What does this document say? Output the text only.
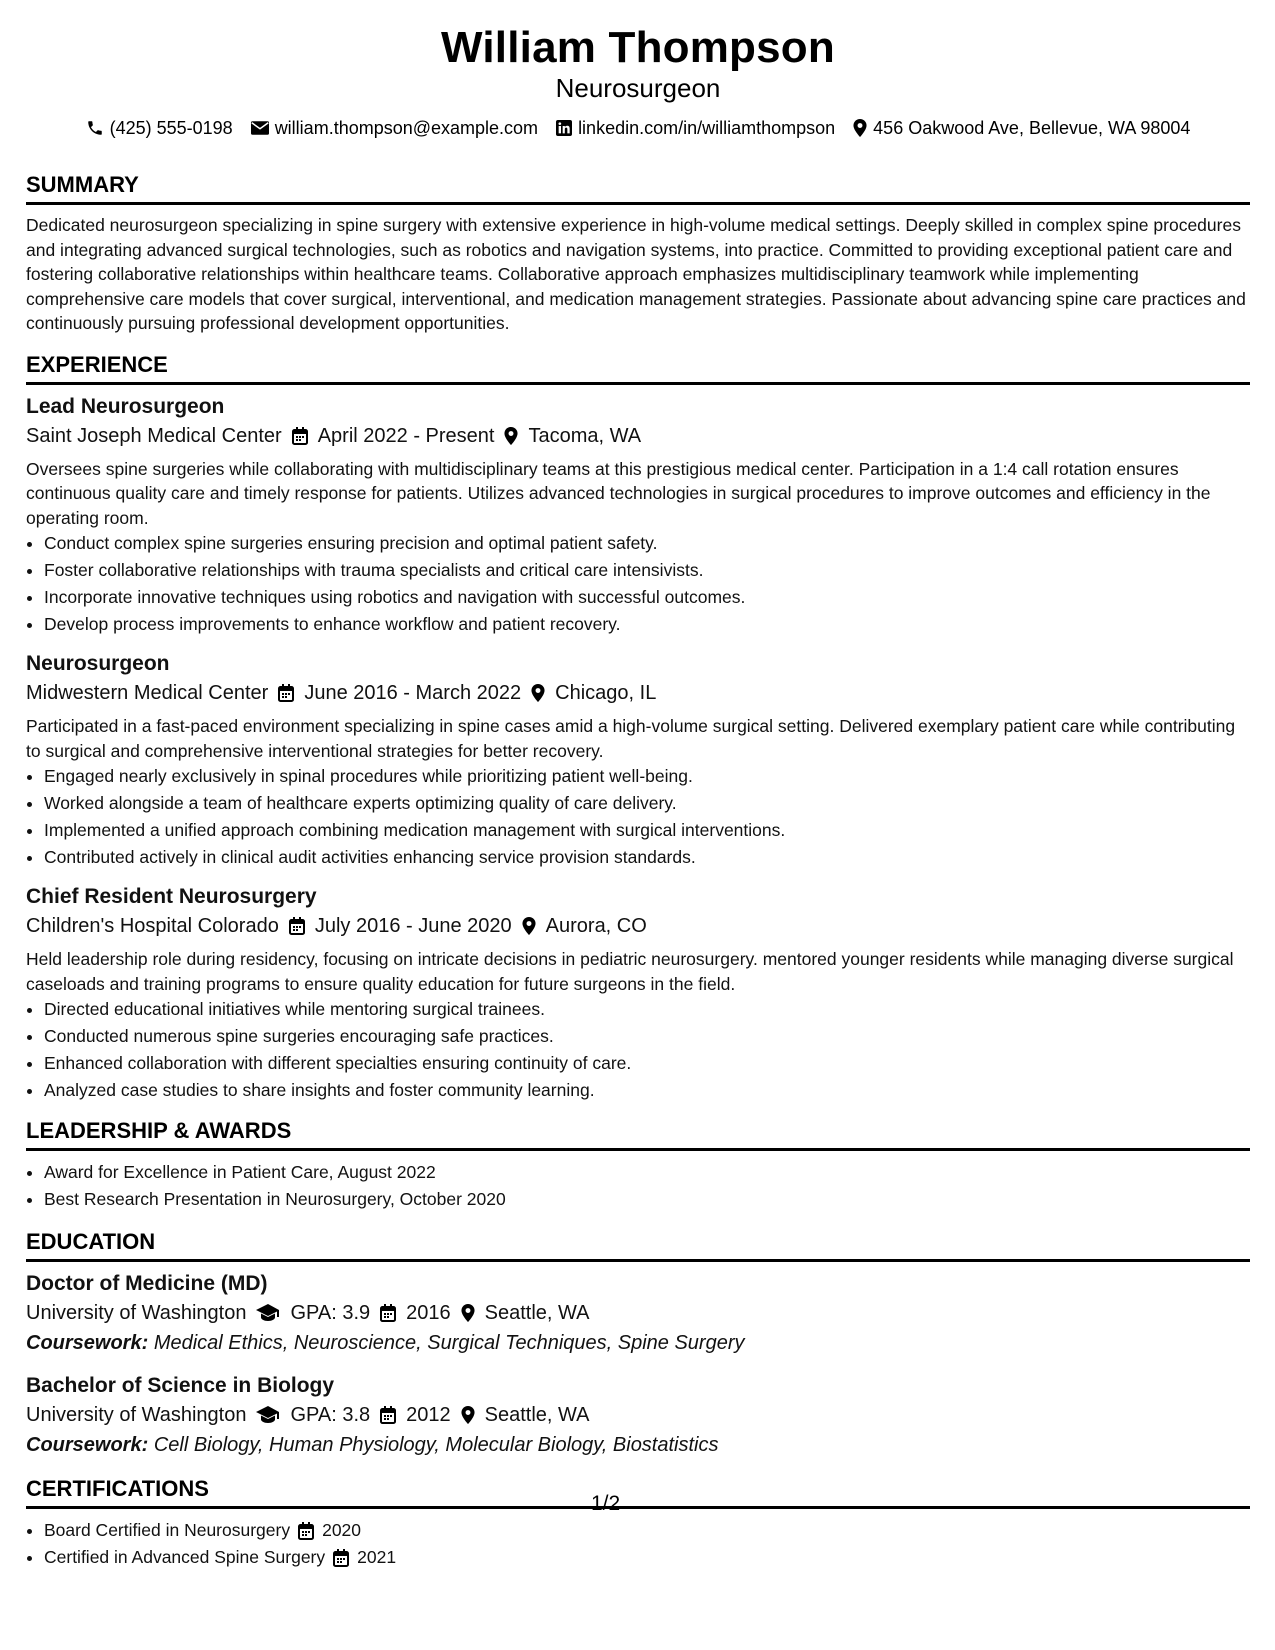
William Thompson
Neurosurgeon
(425) 555-0198 william.thompson@example.com linkedin.com/in/williamthompson 456 Oakwood Ave, Bellevue, WA 98004
SUMMARY
Dedicated neurosurgeon specializing in spine surgery with extensive experience in high-volume medical settings. Deeply skilled in complex spine procedures and integrating advanced surgical technologies, such as robotics and navigation systems, into practice. Committed to providing exceptional patient care and fostering collaborative relationships within healthcare teams. Collaborative approach emphasizes multidisciplinary teamwork while implementing comprehensive care models that cover surgical, interventional, and medication management strategies. Passionate about advancing spine care practices and continuously pursuing professional development opportunities.
EXPERIENCE
Lead Neurosurgeon
Saint Joseph Medical Center April 2022 - Present Tacoma, WA
Oversees spine surgeries while collaborating with multidisciplinary teams at this prestigious medical center. Participation in a 1:4 call rotation ensures continuous quality care and timely response for patients. Utilizes advanced technologies in surgical procedures to improve outcomes and efficiency in the operating room.
• Conduct complex spine surgeries ensuring precision and optimal patient safety.
• Foster collaborative relationships with trauma specialists and critical care intensivists.
• Incorporate innovative techniques using robotics and navigation with successful outcomes.
• Develop process improvements to enhance workflow and patient recovery.
Neurosurgeon
Midwestern Medical Center June 2016 - March 2022 Chicago, IL
Participated in a fast-paced environment specializing in spine cases amid a high-volume surgical setting. Delivered exemplary patient care while contributing to surgical and comprehensive interventional strategies for better recovery.
• Engaged nearly exclusively in spinal procedures while prioritizing patient well-being.
• Worked alongside a team of healthcare experts optimizing quality of care delivery.
• Implemented a unified approach combining medication management with surgical interventions.
• Contributed actively in clinical audit activities enhancing service provision standards.
Chief Resident Neurosurgery
Children's Hospital Colorado July 2016 - June 2020 Aurora, CO
Held leadership role during residency, focusing on intricate decisions in pediatric neurosurgery. mentored younger residents while managing diverse surgical caseloads and training programs to ensure quality education for future surgeons in the field.
• Directed educational initiatives while mentoring surgical trainees.
• Conducted numerous spine surgeries encouraging safe practices.
• Enhanced collaboration with different specialties ensuring continuity of care.
• Analyzed case studies to share insights and foster community learning.
LEADERSHIP & AWARDS
• Award for Excellence in Patient Care, August 2022
• Best Research Presentation in Neurosurgery, October 2020
EDUCATION
Doctor of Medicine (MD)
University of Washington GPA: 3.9 2016 Seattle, WA
Coursework: Medical Ethics, Neuroscience, Surgical Techniques, Spine Surgery
Bachelor of Science in Biology
University of Washington GPA: 3.8 2012 Seattle, WA
Coursework: Cell Biology, Human Physiology, Molecular Biology, Biostatistics
CERTIFICATIONS
• Board Certified in Neurosurgery 2020
• Certified in Advanced Spine Surgery 2021
1/2
